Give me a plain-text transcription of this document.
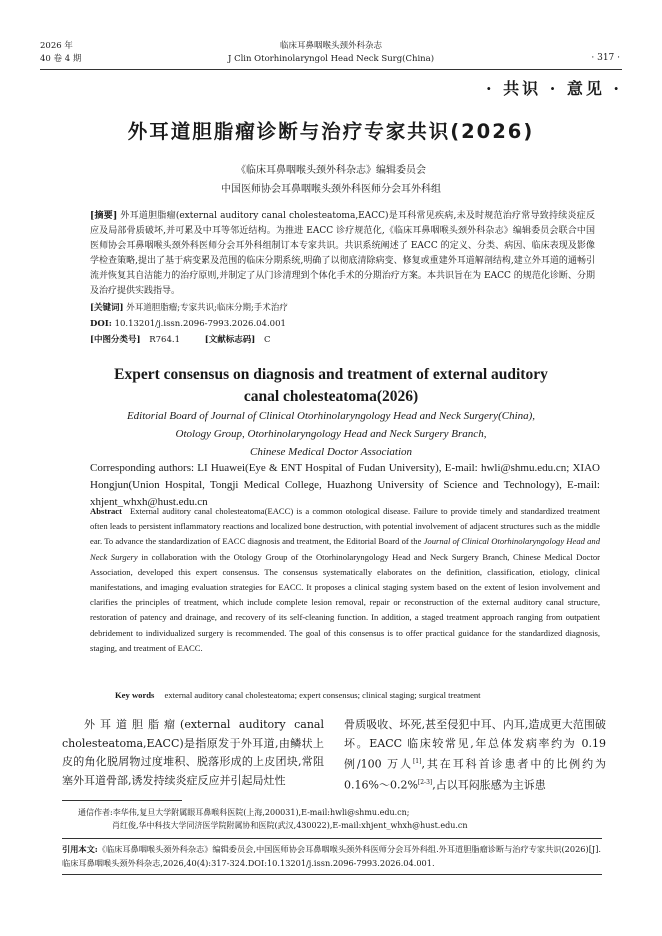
2026 年
40 卷 4 期
临床耳鼻咽喉头颈外科杂志
J Clin Otorhinolaryngol Head Neck Surg(China)	· 317 ·
· 共识 · 意见 ·
外耳道胆脂瘤诊断与治疗专家共识(2026)
《临床耳鼻咽喉头颈外科杂志》编辑委员会
中国医师协会耳鼻咽喉头颈外科医师分会耳外科组
[摘要] 外耳道胆脂瘤(external auditory canal cholesteatoma,EACC)是耳科常见疾病,未及时规范治疗常导致持续炎症反应及局部骨质破坏,并可累及中耳等邻近结构。为推进 EACC 诊疗规范化,《临床耳鼻咽喉头颈外科杂志》编辑委员会联合中国医师协会耳鼻咽喉头颈外科医师分会耳外科组制订本专家共识。共识系统阐述了 EACC 的定义、分类、病因、临床表现及影像学检查策略,提出了基于病变累及范围的临床分期系统,明确了以彻底清除病变、修复或重建外耳道解剖结构,建立外耳道的通畅引流并恢复其自洁能力的治疗原则,并制定了从门诊清理到个体化手术的分期治疗方案。本共识旨在为 EACC 的规范化诊断、分期及治疗提供实践指导。
[关键词] 外耳道胆脂瘤;专家共识;临床分期;手术治疗
DOI: 10.13201/j.issn.2096-7993.2026.04.001
[中图分类号] R764.1	[文献标志码] C
Expert consensus on diagnosis and treatment of external auditory
canal cholesteatoma(2026)
Editorial Board of Journal of Clinical Otorhinolaryngology Head and Neck Surgery(China),
Otology Group, Otorhinolaryngology Head and Neck Surgery Branch,
Chinese Medical Doctor Association
Corresponding authors: LI Huawei(Eye & ENT Hospital of Fudan University), E-mail: hwli@shmu.edu.cn; XIAO Hongjun(Union Hospital, Tongji Medical College, Huazhong University of Science and Technology), E-mail: xhjent_whxh@hust.edu.cn
Abstract External auditory canal cholesteatoma(EACC) is a common otological disease. Failure to provide timely and standardized treatment often leads to persistent inflammatory reactions and localized bone destruction, with potential involvement of adjacent structures such as the middle ear. To advance the standardization of EACC diagnosis and treatment, the Editorial Board of the Journal of Clinical Otorhinolaryngology Head and Neck Surgery in collaboration with the Otology Group of the Otorhinolaryngology Head and Neck Surgery Branch, Chinese Medical Doctor Association, developed this expert consensus. The consensus systematically elaborates on the definition, classification, etiology, clinical manifestations, and imaging evaluation strategies for EACC. It proposes a clinical staging system based on the extent of lesion involvement and clarifies the principles of treatment, which include complete lesion removal, repair or reconstruction of the external auditory canal structure, restoration of patency and drainage, and recovery of its self-cleaning function. In addition, a staged treatment approach ranging from outpatient debridement to individualized surgery is recommended. The goal of this consensus is to offer practical guidance for the standardized diagnosis, staging, and treatment of EACC.
Key words external auditory canal cholesteatoma; expert consensus; clinical staging; surgical treatment
外耳道胆脂瘤(external auditory canal cholesteatoma,EACC)是指原发于外耳道,由鳞状上皮的角化脱屑物过度堆积、脱落形成的上皮团块,常阻塞外耳道骨部,诱发持续炎症反应并引起局灶性
骨质吸收、坏死,甚至侵犯中耳、内耳,造成更大范围破坏。EACC 临床较常见,年总体发病率约为 0.19 例/100 万人[1],其在耳科首诊患者中的比例约为 0.16%～0.2%[2-3],占以耳闷胀感为主诉患
通信作者:李华伟,复旦大学附属眼耳鼻喉科医院(上海,200031),E-mail:hwli@shmu.edu.cn;
肖红俊,华中科技大学同济医学院附属协和医院(武汉,430022),E-mail:xhjent_whxh@hust.edu.cn
引用本文:《临床耳鼻咽喉头颈外科杂志》编辑委员会,中国医师协会耳鼻咽喉头颈外科医师分会耳外科组.外耳道胆脂瘤诊断与治疗专家共识(2026)[J].临床耳鼻咽喉头颈外科杂志,2026,40(4):317-324.DOI:10.13201/j.issn.2096-7993.2026.04.001.
